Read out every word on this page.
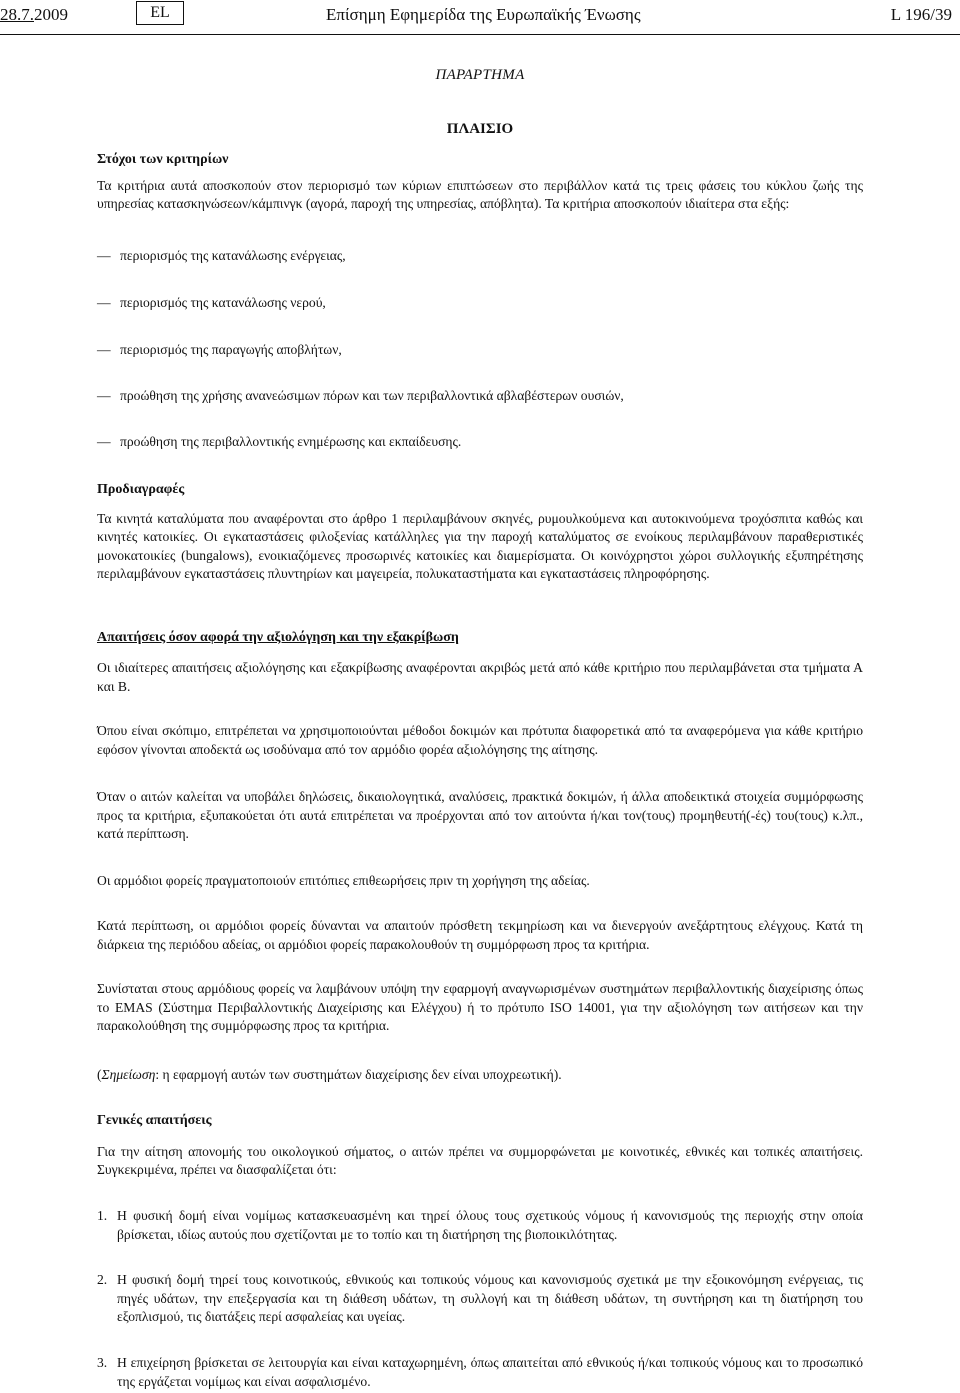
28.7.2009	EL	Επίσημη Εφημερίδα της Ευρωπαϊκής Ένωσης	L 196/39
ΠΑΡΑΡΤΗΜΑ
ΠΛΑΙΣΙΟ
Στόχοι των κριτηρίων

Τα κριτήρια αυτά αποσκοπούν στον περιορισμό των κύριων επιπτώσεων στο περιβάλλον κατά τις τρεις φάσεις του κύκλου ζωής της υπηρεσίας κατασκηνώσεων/κάμπινγκ (αγορά, παροχή της υπηρεσίας, απόβλητα). Τα κριτήρια αποσκοπούν ιδιαίτερα στα εξής:

— περιορισμός της κατανάλωσης ενέργειας,
— περιορισμός της κατανάλωσης νερού,
— περιορισμός της παραγωγής αποβλήτων,
— προώθηση της χρήσης ανανεώσιμων πόρων και των περιβαλλοντικά αβλαβέστερων ουσιών,
— προώθηση της περιβαλλοντικής ενημέρωσης και εκπαίδευσης.
Προδιαγραφές

Τα κινητά καταλύματα που αναφέρονται στο άρθρο 1 περιλαμβάνουν σκηνές, ρυμουλκούμενα και αυτοκινούμενα τροχόσπιτα καθώς και κινητές κατοικίες. Οι εγκαταστάσεις φιλοξενίας κατάλληλες για την παροχή καταλύματος σε ενοίκους περιλαμβάνουν παραθεριστικές μονοκατοικίες (bungalows), ενοικιαζόμενες προσωρινές κατοικίες και διαμερίσματα. Οι κοινόχρηστοι χώροι συλλογικής εξυπηρέτησης περιλαμβάνουν εγκαταστάσεις πλυντηρίων και μαγειρεία, πολυκαταστήματα και εγκαταστάσεις πληροφόρησης.

Απαιτήσεις όσον αφορά την αξιολόγηση και την εξακρίβωση

Οι ιδιαίτερες απαιτήσεις αξιολόγησης και εξακρίβωσης αναφέρονται ακριβώς μετά από κάθε κριτήριο που περιλαμβάνεται στα τμήματα Α και Β.

Όπου είναι σκόπιμο, επιτρέπεται να χρησιμοποιούνται μέθοδοι δοκιμών και πρότυπα διαφορετικά από τα αναφερόμενα για κάθε κριτήριο εφόσον γίνονται αποδεκτά ως ισοδύναμα από τον αρμόδιο φορέα αξιολόγησης της αίτησης.

Όταν ο αιτών καλείται να υποβάλει δηλώσεις, δικαιολογητικά, αναλύσεις, πρακτικά δοκιμών, ή άλλα αποδεικτικά στοιχεία συμμόρφωσης προς τα κριτήρια, εξυπακούεται ότι αυτά επιτρέπεται να προέρχονται από τον αιτούντα ή/και τον(τους) προμηθευτή(-ές) του(τους) κ.λπ., κατά περίπτωση.

Οι αρμόδιοι φορείς πραγματοποιούν επιτόπιες επιθεωρήσεις πριν τη χορήγηση της αδείας.

Κατά περίπτωση, οι αρμόδιοι φορείς δύνανται να απαιτούν πρόσθετη τεκμηρίωση και να διενεργούν ανεξάρτητους ελέγχους. Κατά τη διάρκεια της περιόδου αδείας, οι αρμόδιοι φορείς παρακολουθούν τη συμμόρφωση προς τα κριτήρια.

Συνίσταται στους αρμόδιους φορείς να λαμβάνουν υπόψη την εφαρμογή αναγνωρισμένων συστημάτων περιβαλλοντικής διαχείρισης όπως το EMAS (Σύστημα Περιβαλλοντικής Διαχείρισης και Ελέγχου) ή το πρότυπο ISO 14001, για την αξιολόγηση των αιτήσεων και την παρακολούθηση της συμμόρφωσης προς τα κριτήρια.

(Σημείωση: η εφαρμογή αυτών των συστημάτων διαχείρισης δεν είναι υποχρεωτική).

Γενικές απαιτήσεις

Για την αίτηση απονομής του οικολογικού σήματος, ο αιτών πρέπει να συμμορφώνεται με κοινοτικές, εθνικές και τοπικές απαιτήσεις. Συγκεκριμένα, πρέπει να διασφαλίζεται ότι:

1. Η φυσική δομή είναι νομίμως κατασκευασμένη και τηρεί όλους τους σχετικούς νόμους ή κανονισμούς της περιοχής στην οποία βρίσκεται, ιδίως αυτούς που σχετίζονται με το τοπίο και τη διατήρηση της βιοποικιλότητας.

2. Η φυσική δομή τηρεί τους κοινοτικούς, εθνικούς και τοπικούς νόμους και κανονισμούς σχετικά με την εξοικονόμηση ενέργειας, τις πηγές υδάτων, την επεξεργασία και τη διάθεση υδάτων, τη συλλογή και τη διάθεση υδάτων, τη συντήρηση και τη διατήρηση του εξοπλισμού, τις διατάξεις περί ασφαλείας και υγείας.

3. Η επιχείρηση βρίσκεται σε λειτουργία και είναι καταχωρημένη, όπως απαιτείται από εθνικούς ή/και τοπικούς νόμους και το προσωπικό της εργάζεται νομίμως και είναι ασφαλισμένο.
